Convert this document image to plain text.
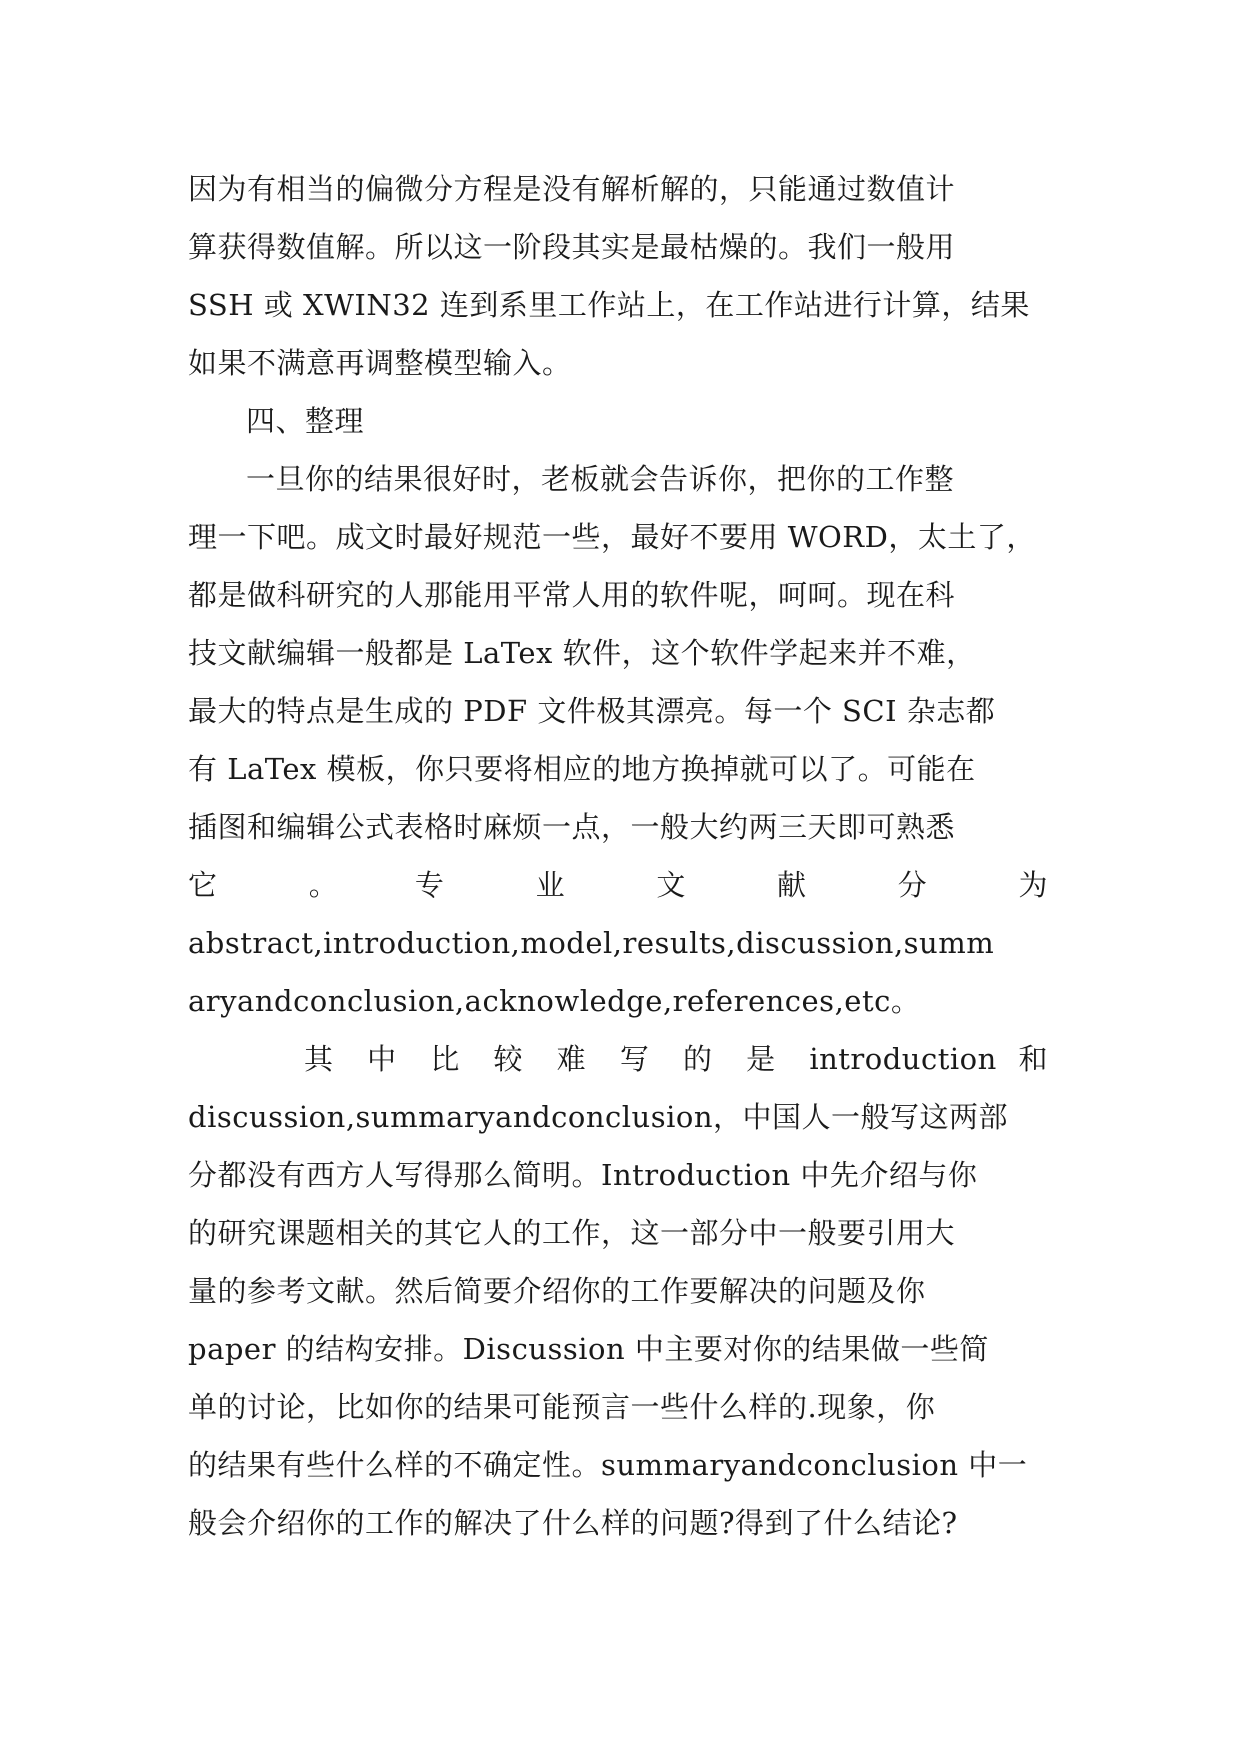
因为有相当的偏微分方程是没有解析解的，只能通过数值计
算获得数值解。所以这一阶段其实是最枯燥的。我们一般用
SSH 或 XWIN32 连到系里工作站上，在工作站进行计算，结果
如果不满意再调整模型输入。
四、整理
一旦你的结果很好时，老板就会告诉你，把你的工作整
理一下吧。成文时最好规范一些，最好不要用 WORD，太土了，
都是做科研究的人那能用平常人用的软件呢，呵呵。现在科
技文献编辑一般都是 LaTex 软件，这个软件学起来并不难，
最大的特点是生成的 PDF 文件极其漂亮。每一个 SCI 杂志都
有 LaTex 模板，你只要将相应的地方换掉就可以了。可能在
插图和编辑公式表格时麻烦一点，一般大约两三天即可熟悉
它　。　专　业　文　献　分　为
abstract,introduction,model,results,discussion,summ
aryandconclusion,acknowledge,references,etc。
其 中 比 较 难 写 的 是 introduction 和
discussion,summaryandconclusion，中国人一般写这两部
分都没有西方人写得那么简明。Introduction 中先介绍与你
的研究课题相关的其它人的工作，这一部分中一般要引用大
量的参考文献。然后简要介绍你的工作要解决的问题及你
paper 的结构安排。Discussion 中主要对你的结果做一些简
单的讨论，比如你的结果可能预言一些什么样的.现象，你
的结果有些什么样的不确定性。summaryandconclusion 中一
般会介绍你的工作的解决了什么样的问题?得到了什么结论?
